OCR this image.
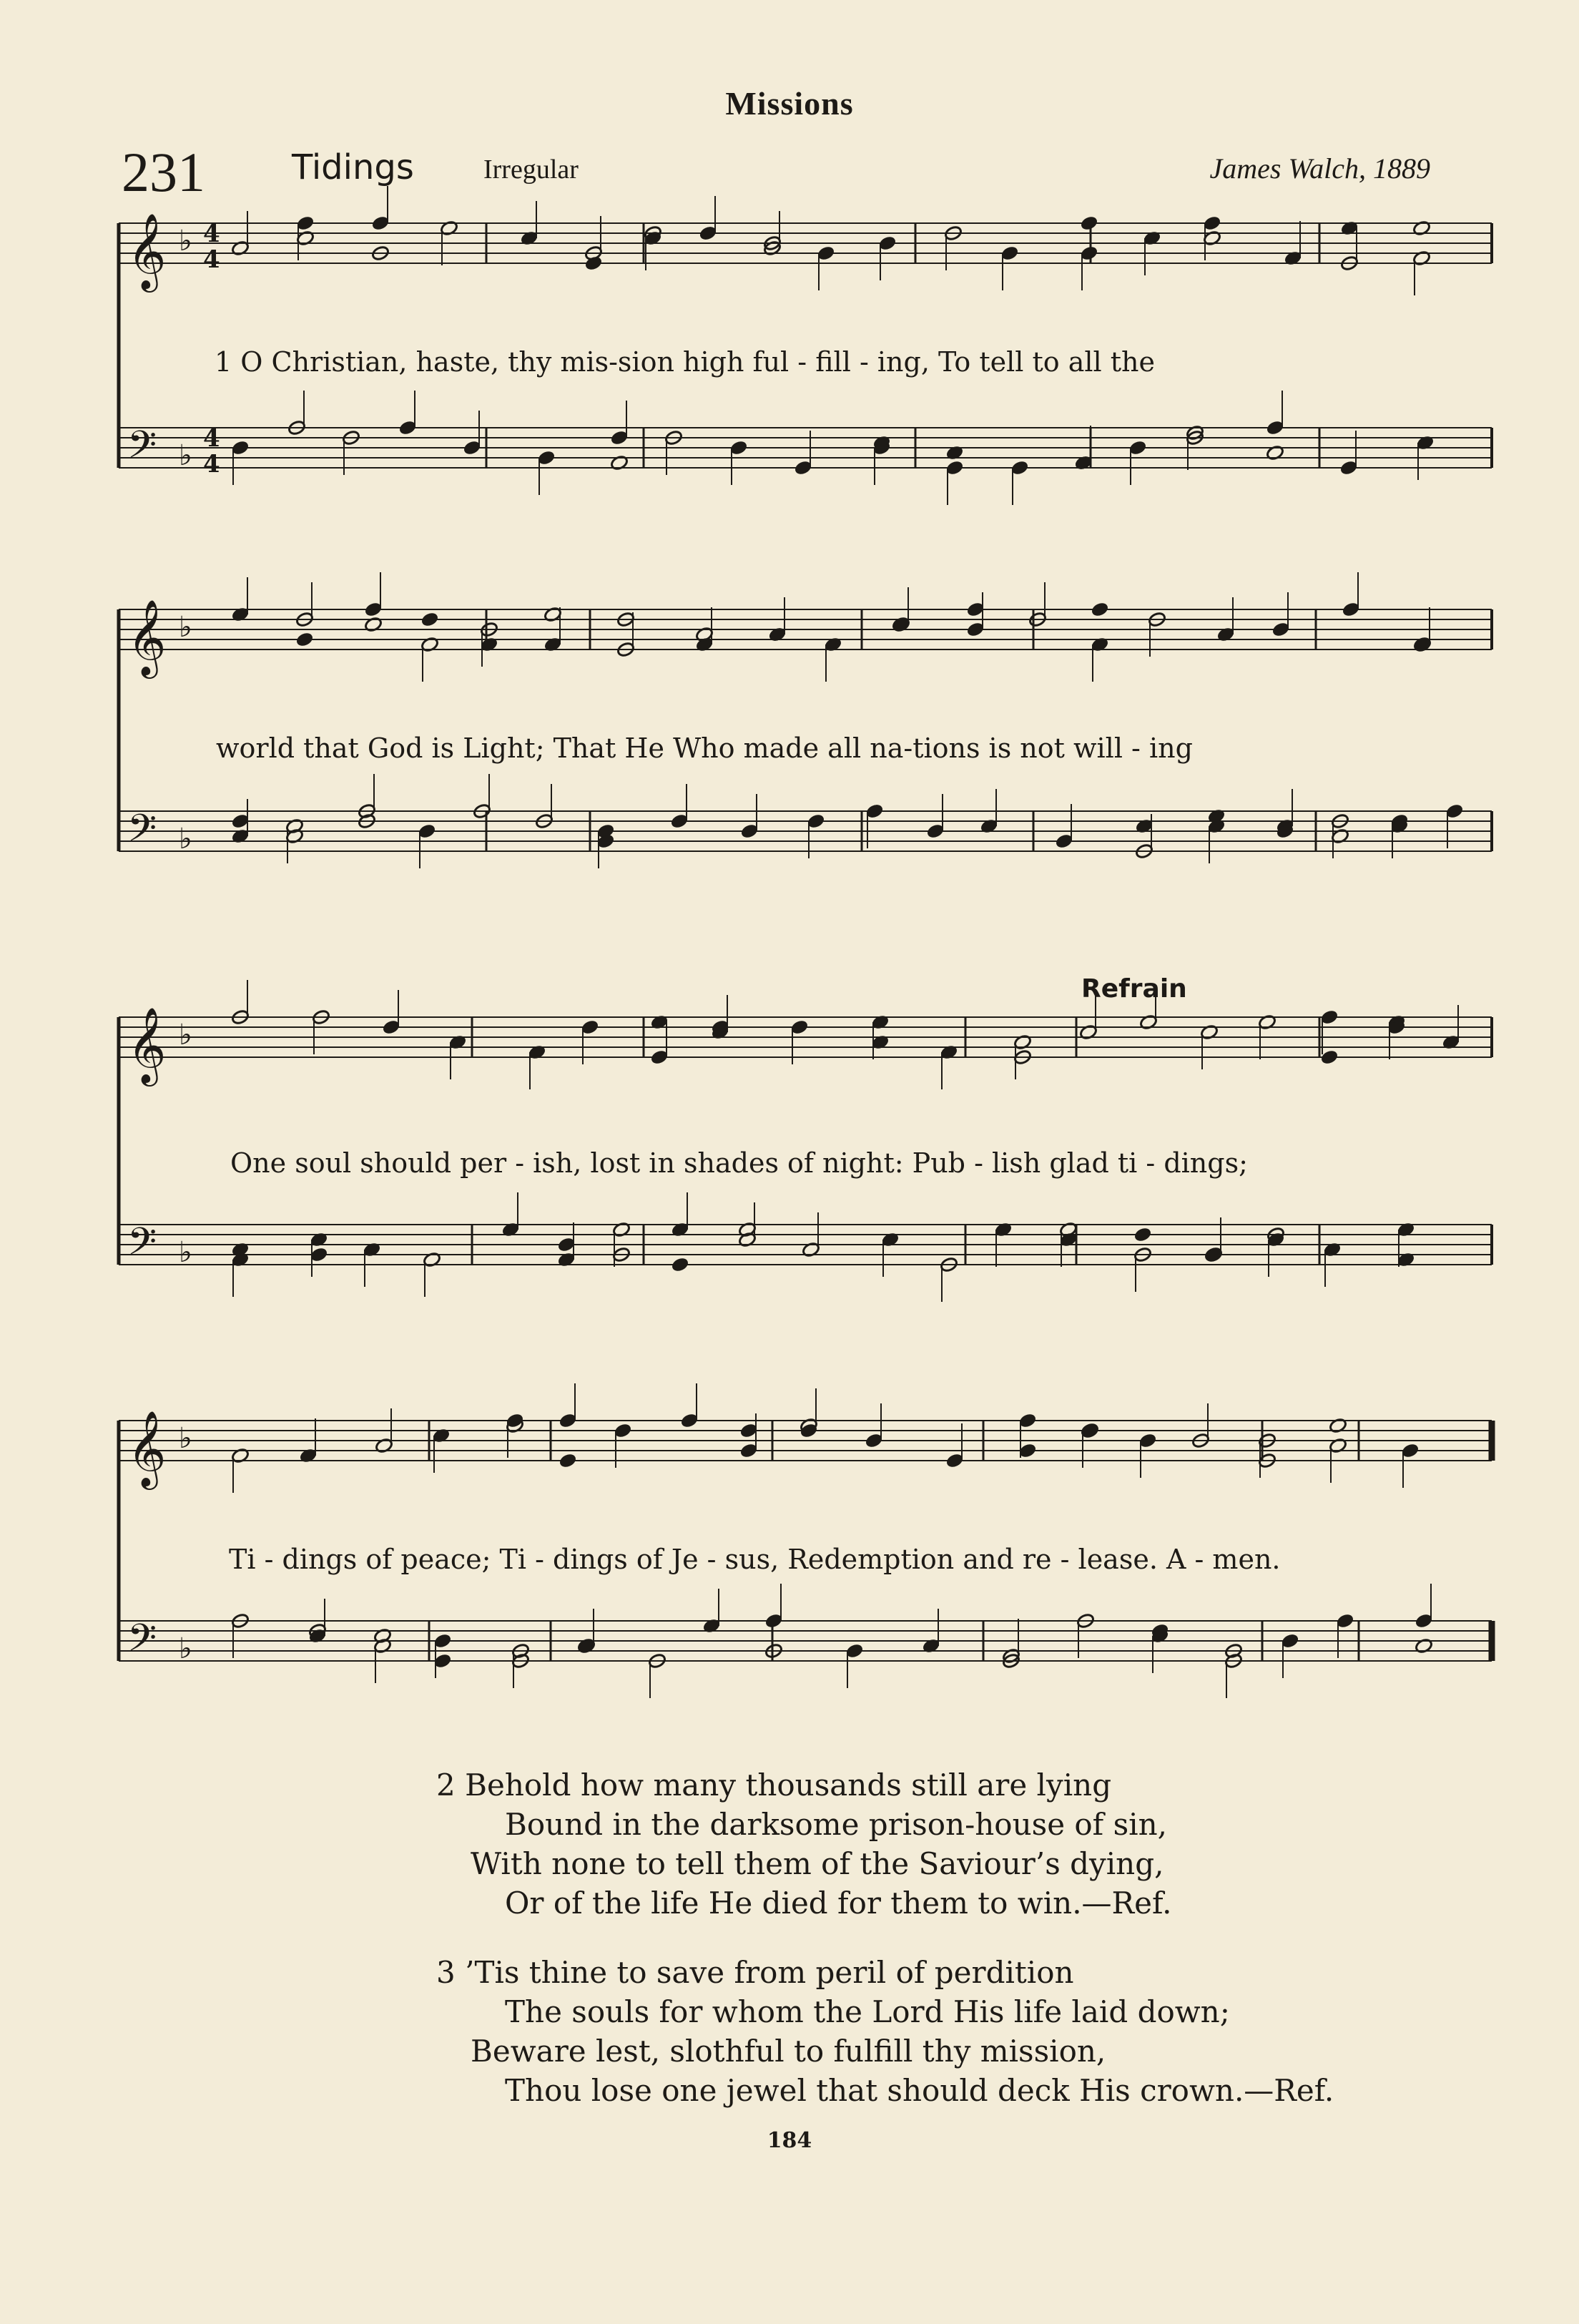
Missions
231	Tidings	Irregular	James Walch, 1889
𝄞 ♭ 4
4
𝄢 ♭
4
4
𝄞 ♭
𝄢 ♭
𝄞 ♭
𝄢 ♭
𝄞 ♭
𝄢 ♭
1 O Christian, haste, thy mis-sion high ful - fill - ing, To tell to all the
world that God is Light; That He Who made all na-tions is not will - ing
Refrain
One soul should per - ish, lost in shades of night: Pub - lish glad ti - dings;
Ti - dings of peace; Ti - dings of Je - sus, Redemption and re - lease. A - men.
2 Behold how many thousands still are lying
Bound in the darksome prison-house of sin,
With none to tell them of the Saviour’s dying,
Or of the life He died for them to win.—Ref.
3 ’Tis thine to save from peril of perdition
The souls for whom the Lord His life laid down;
Beware lest, slothful to fulfill thy mission,
Thou lose one jewel that should deck His crown.—Ref.
184
